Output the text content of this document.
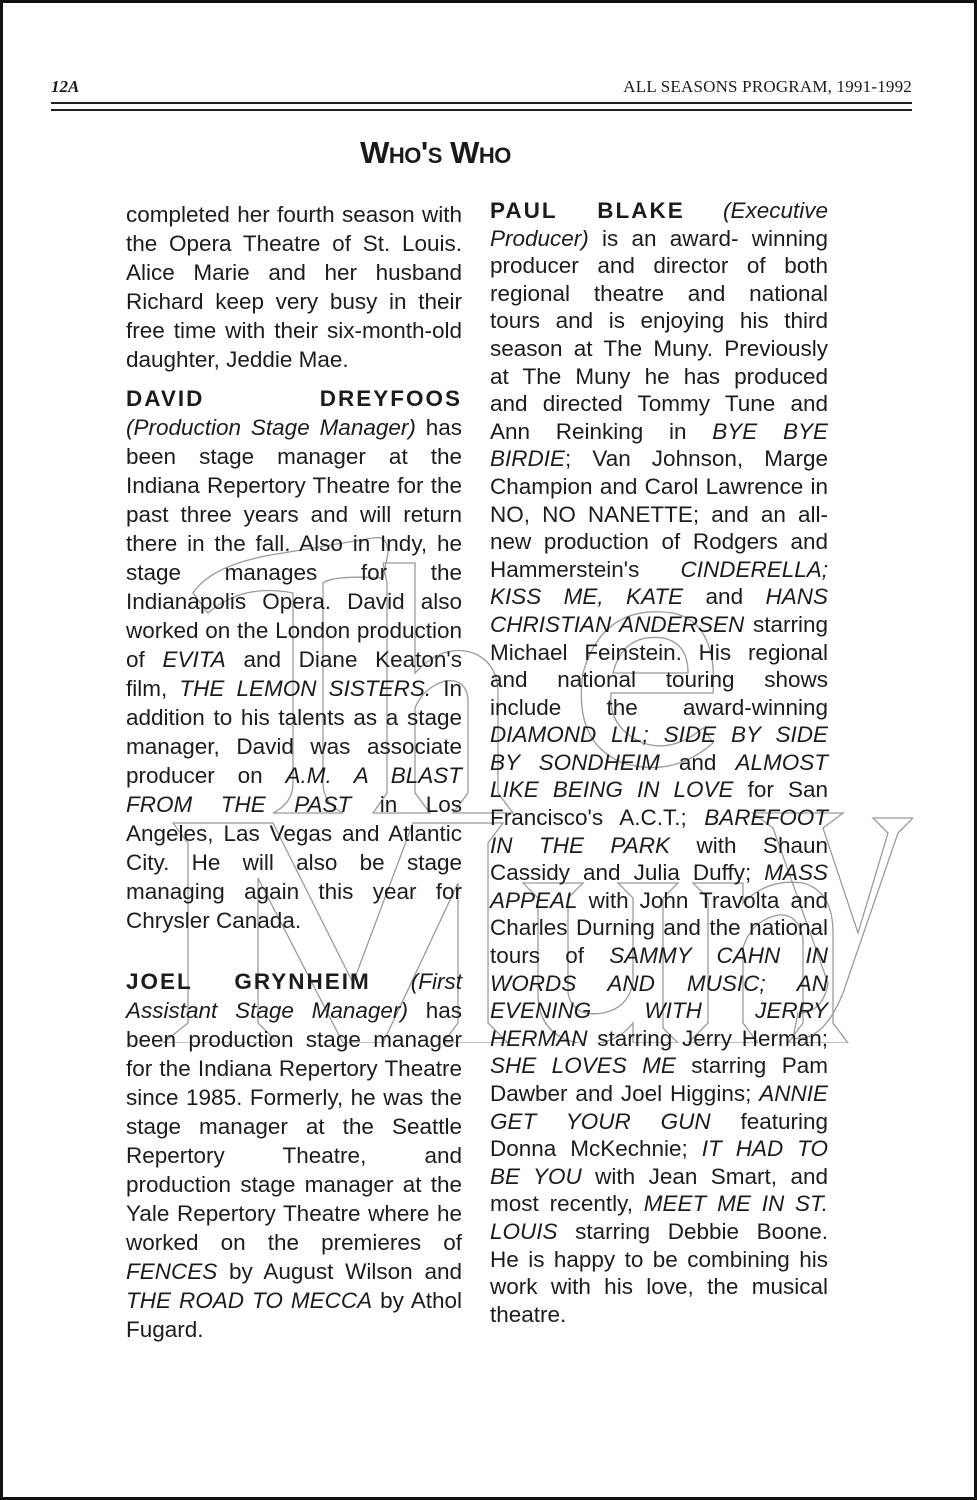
12A	ALL SEASONS PROGRAM, 1991-1992
Who's Who

completed her fourth season with the Opera Theatre of St. Louis. Alice Marie and her husband Richard keep very busy in their free time with their six-month-old daughter, Jeddie Mae.

DAVID DREYFOOS (Production Stage Manager) has been stage manager at the Indiana Repertory Theatre for the past three years and will return there in the fall. Also in Indy, he stage manages for the Indianapolis Opera. David also worked on the London production of EVITA and Diane Keaton's film, THE LEMON SISTERS. In addition to his talents as a stage manager, David was associate producer on A.M. A BLAST FROM THE PAST in Los Angeles, Las Vegas and Atlantic City. He will also be stage managing again this year for Chrysler Canada.

JOEL GRYNHEIM (First Assistant Stage Manager) has been production stage manager for the Indiana Repertory Theatre since 1985. Formerly, he was the stage manager at the Seattle Repertory Theatre, and production stage manager at the Yale Repertory Theatre where he worked on the premieres of FENCES by August Wilson and THE ROAD TO MECCA by Athol Fugard.

PAUL BLAKE (Executive Producer) is an award- winning producer and director of both regional theatre and national tours and is enjoying his third season at The Muny. Previously at The Muny he has produced and directed Tommy Tune and Ann Reinking in BYE BYE BIRDIE; Van Johnson, Marge Champion and Carol Lawrence in NO, NO NANETTE; and an all-new production of Rodgers and Hammerstein's CINDERELLA; KISS ME, KATE and HANS CHRISTIAN ANDERSEN starring Michael Feinstein. His regional and national touring shows include the award-winning DIAMOND LIL; SIDE BY SIDE BY SONDHEIM and ALMOST LIKE BEING IN LOVE for San Francisco's A.C.T.; BAREFOOT IN THE PARK with Shaun Cassidy and Julia Duffy; MASS APPEAL with John Travolta and Charles Durning and the national tours of SAMMY CAHN IN WORDS AND MUSIC; AN EVENING WITH JERRY HERMAN starring Jerry Herman; SHE LOVES ME starring Pam Dawber and Joel Higgins; ANNIE GET YOUR GUN featuring Donna McKechnie; IT HAD TO BE YOU with Jean Smart, and most recently, MEET ME IN ST. LOUIS starring Debbie Boone. He is happy to be combining his work with his love, the musical theatre.
